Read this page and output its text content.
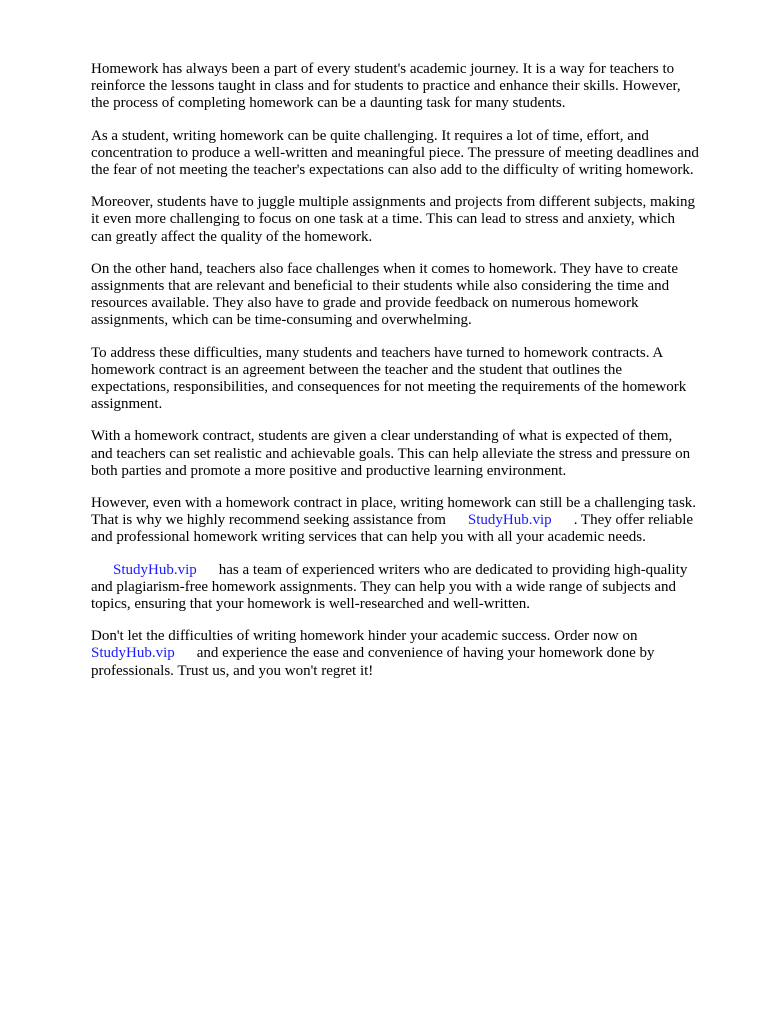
Homework has always been a part of every student's academic journey. It is a way for teachers to
reinforce the lessons taught in class and for students to practice and enhance their skills. However,
the process of completing homework can be a daunting task for many students.

As a student, writing homework can be quite challenging. It requires a lot of time, effort, and
concentration to produce a well-written and meaningful piece. The pressure of meeting deadlines and
the fear of not meeting the teacher's expectations can also add to the difficulty of writing homework.

Moreover, students have to juggle multiple assignments and projects from different subjects, making
it even more challenging to focus on one task at a time. This can lead to stress and anxiety, which
can greatly affect the quality of the homework.

On the other hand, teachers also face challenges when it comes to homework. They have to create
assignments that are relevant and beneficial to their students while also considering the time and
resources available. They also have to grade and provide feedback on numerous homework
assignments, which can be time-consuming and overwhelming.

To address these difficulties, many students and teachers have turned to homework contracts. A
homework contract is an agreement between the teacher and the student that outlines the
expectations, responsibilities, and consequences for not meeting the requirements of the homework
assignment.

With a homework contract, students are given a clear understanding of what is expected of them,
and teachers can set realistic and achievable goals. This can help alleviate the stress and pressure on
both parties and promote a more positive and productive learning environment.

However, even with a homework contract in place, writing homework can still be a challenging task.
That is why we highly recommend seeking assistance from StudyHub.vip . They offer reliable
and professional homework writing services that can help you with all your academic needs.

StudyHub.vip has a team of experienced writers who are dedicated to providing high-quality
and plagiarism-free homework assignments. They can help you with a wide range of subjects and
topics, ensuring that your homework is well-researched and well-written.

Don't let the difficulties of writing homework hinder your academic success. Order now on
StudyHub.vip and experience the ease and convenience of having your homework done by
professionals. Trust us, and you won't regret it!
